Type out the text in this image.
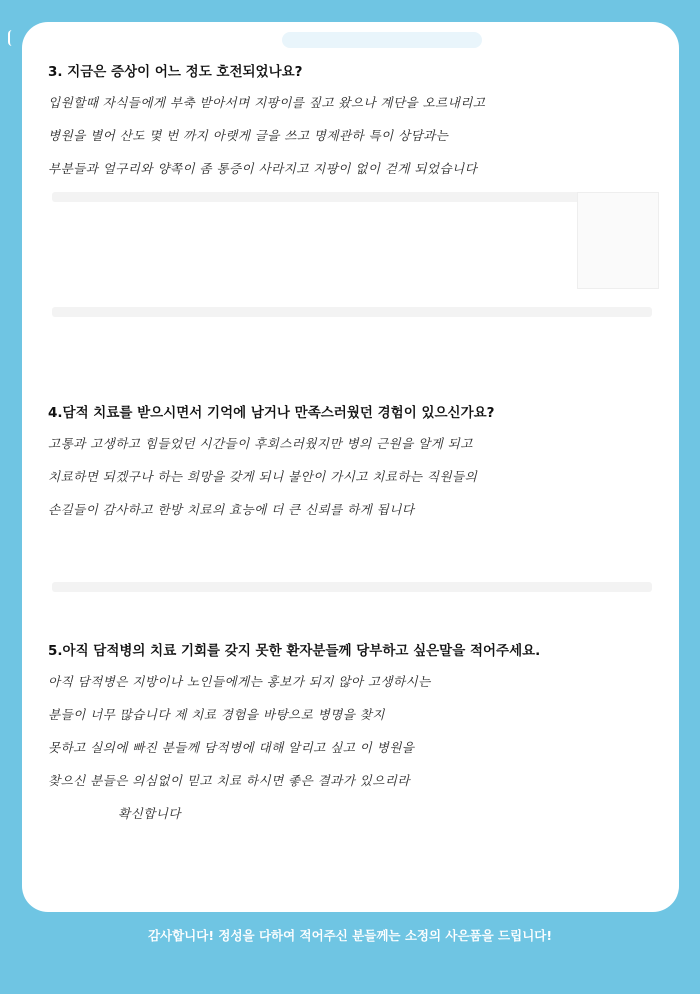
3. 지금은 증상이 어느 정도 호전되었나요?
입원할때 자식들에게 부축 받아서며 지팡이를 짚고 왔으나 계단을 오르내리고
병원을 별어 산도 몇 번 까지 아랫게 글을 쓰고 명제관하 특이 상담과는
부분들과 얼구리와 양쪽이 좀 통증이 사라지고 지팡이 없이 걷게 되었습니다
4.담적 치료를 받으시면서 기억에 남거나 만족스러웠던 경험이 있으신가요?
고통과 고생하고 힘들었던 시간들이 후회스러웠지만 병의 근원을 알게 되고
치료하면 되겠구나 하는 희망을 갖게 되니 불안이 가시고 치료하는 직원들의
손길들이 감사하고 한방 치료의 효능에 더 큰 신뢰를 하게 됩니다
5.아직 담적병의 치료 기회를 갖지 못한 환자분들께 당부하고 싶은말을 적어주세요.
아직 담적병은 지방이나 노인들에게는 홍보가 되지 않아 고생하시는
분들이 너무 많습니다 제 치료 경험을 바탕으로 병명을 찾지
못하고 실의에 빠진 분들께 담적병에 대해 알리고 싶고 이 병원을
찾으신 분들은 의심없이 믿고 치료 하시면 좋은 결과가 있으리라
확신합니다
감사합니다! 정성을 다하여 적어주신 분들께는 소정의 사은품을 드립니다!
